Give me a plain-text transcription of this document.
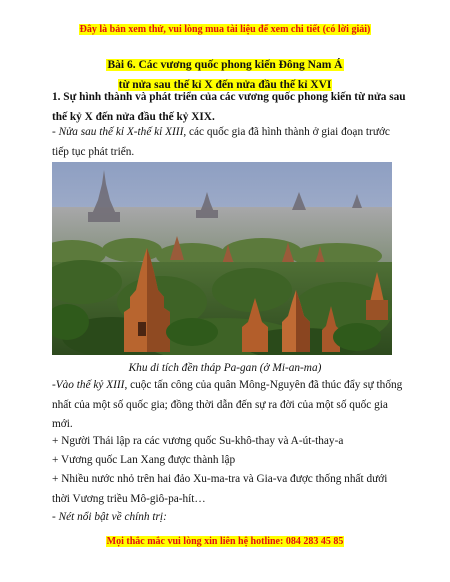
Đây là bản xem thử, vui lòng mua tài liệu để xem chi tiết (có lời giải)
Bài 6. Các vương quốc phong kiến Đông Nam Á
từ nửa sau thế kỉ X đến nửa đầu thế kỉ XVI
1. Sự hình thành và phát triển của các vương quốc phong kiến từ nửa sau thế kỷ X đến nửa đầu thế kỷ XIX.
- Nửa sau thế kỉ X-thế kỉ XIII, các quốc gia đã hình thành ở giai đoạn trước tiếp tục phát triển.
Khu di tích đền tháp Pa-gan (ở Mi-an-ma)
-Vào thế kỷ XIII, cuộc tấn công của quân Mông-Nguyên đã thúc đẩy sự thống nhất của một số quốc gia; đồng thời dẫn đến sự ra đời của một số quốc gia mới.
+ Người Thái lập ra các vương quốc Su-khô-thay và A-út-thay-a
+ Vương quốc Lan Xang được thành lập
+ Nhiều nước nhỏ trên hai đảo Xu-ma-tra và Gia-va được thống nhất dưới thời Vương triều Mô-giô-pa-hít…
- Nét nổi bật về chính trị:
Mọi thắc mắc vui lòng xin liên hệ hotline: 084 283 45 85
